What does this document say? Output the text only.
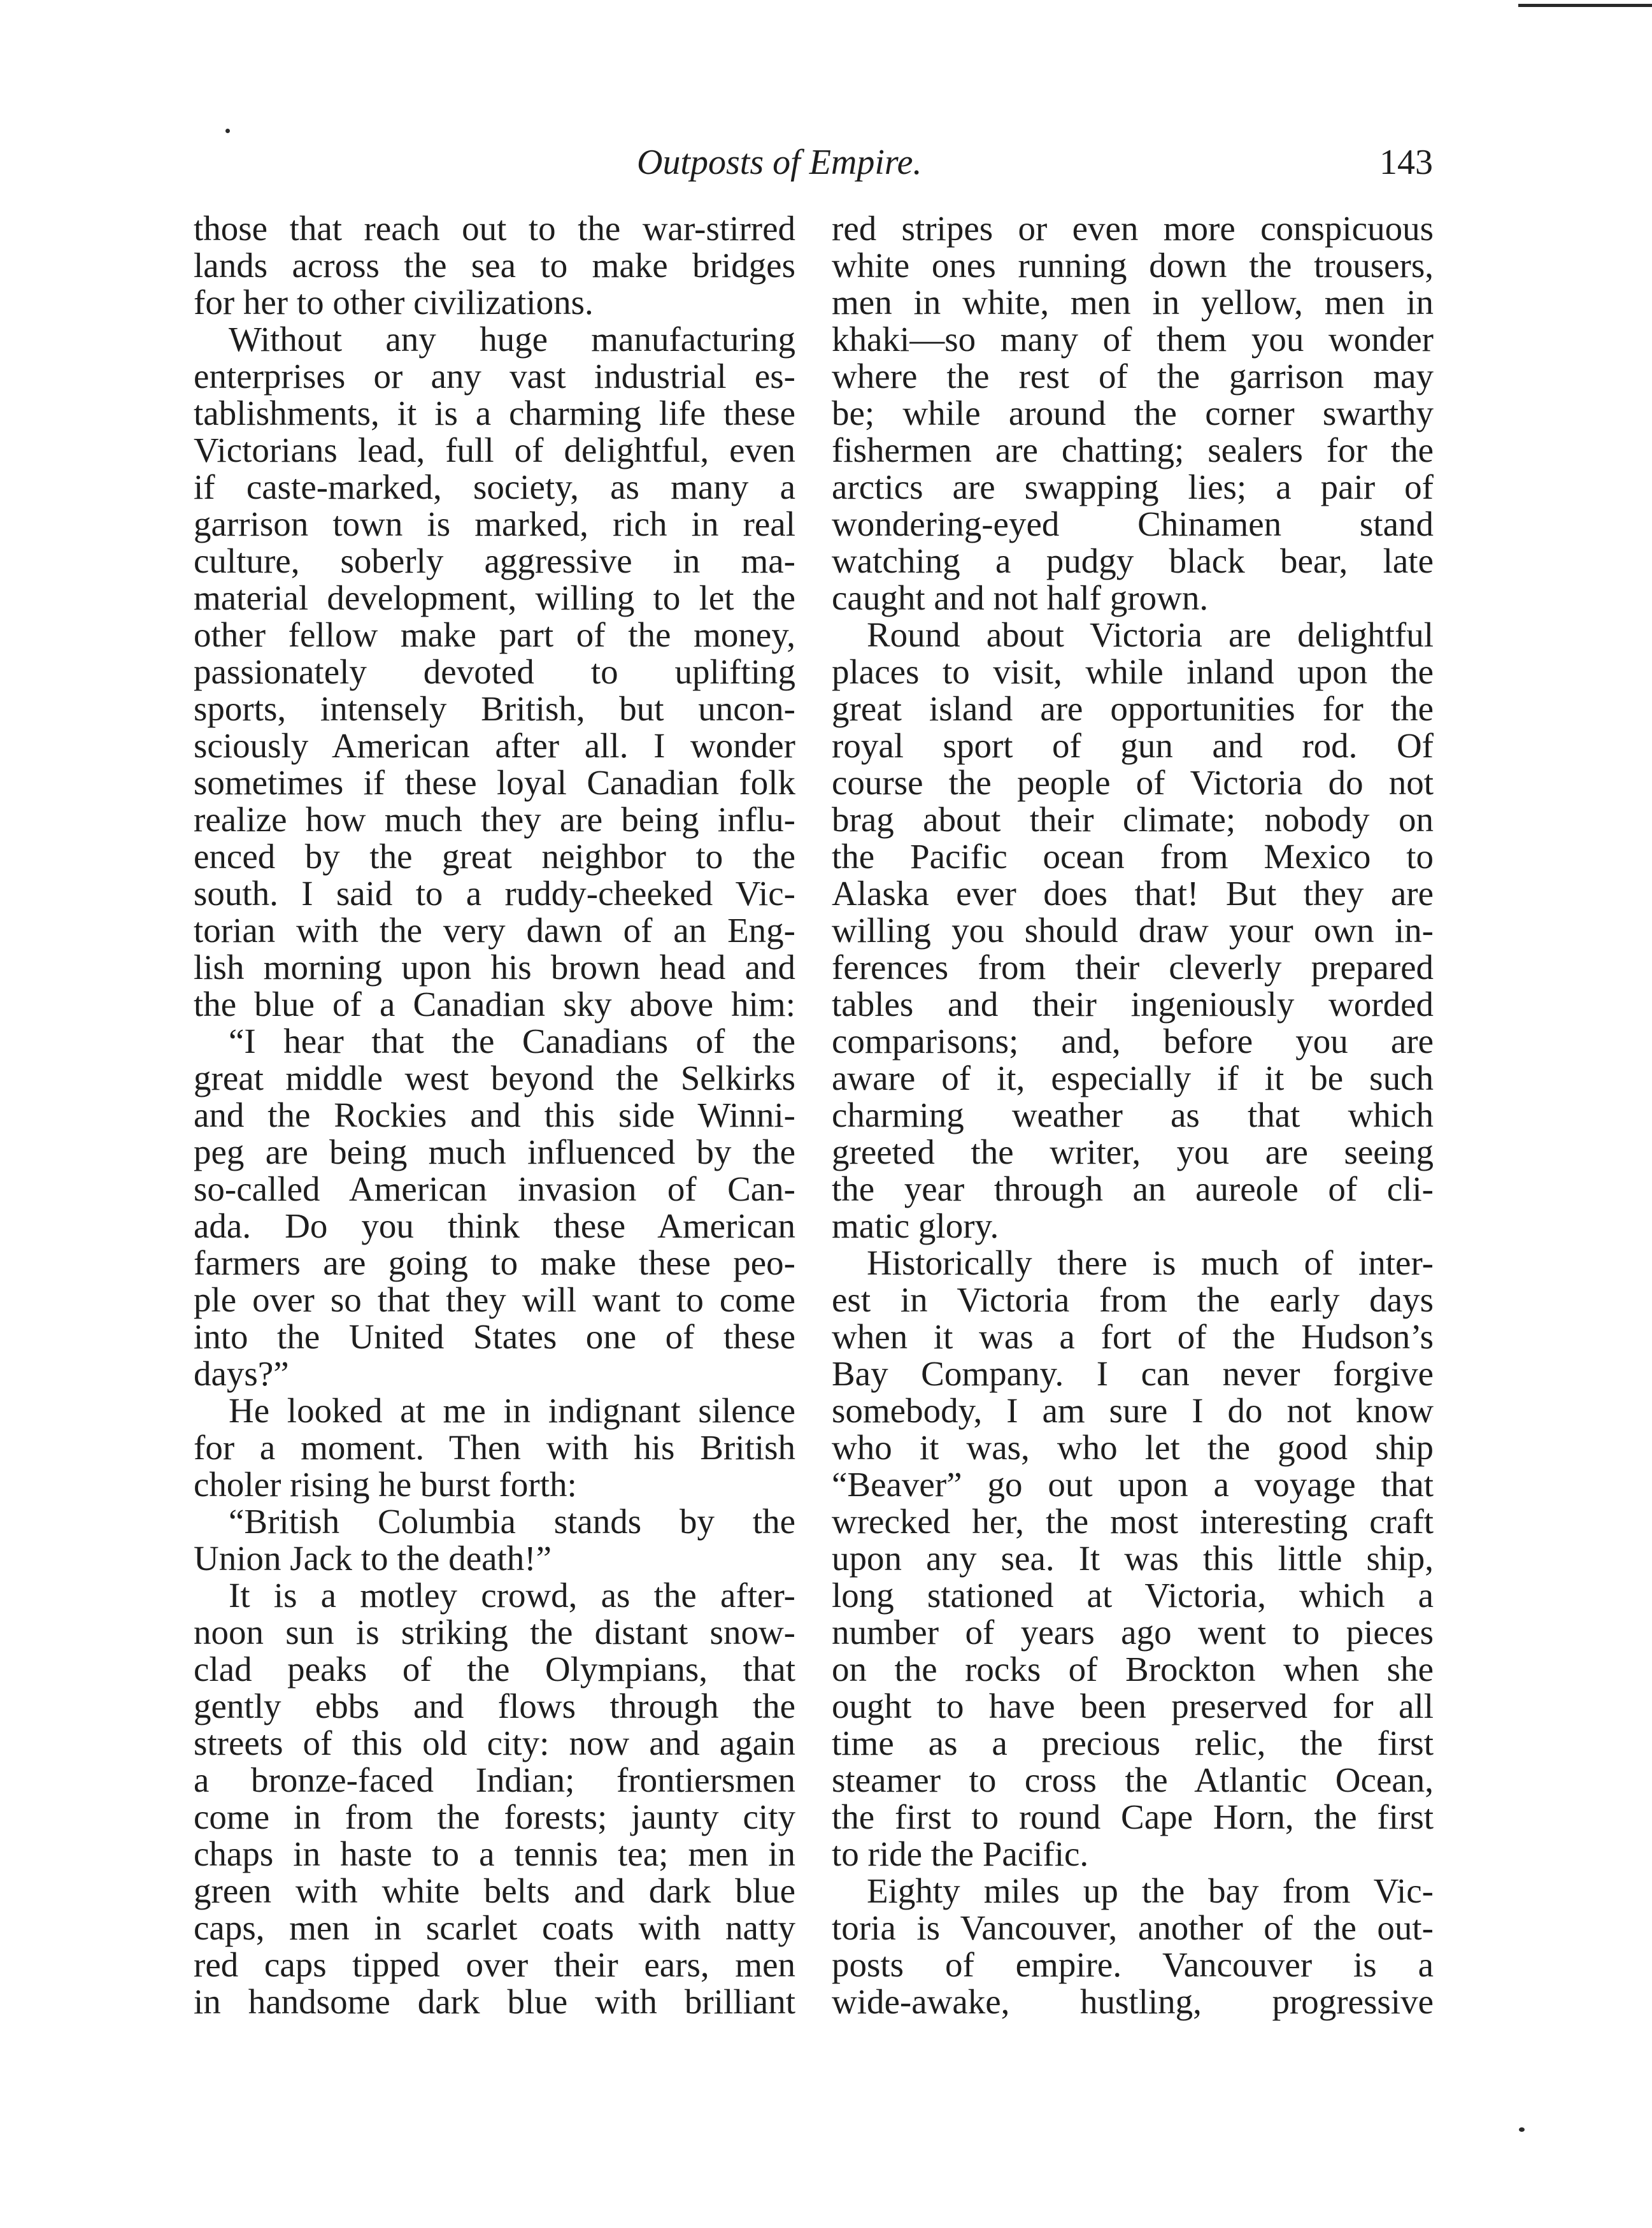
Outposts of Empire.	143
those that reach out to the war-stirred
lands across the sea to make bridges
for her to other civilizations.
Without any huge manufacturing
enterprises or any vast industrial es-
tablishments, it is a charming life these
Victorians lead, full of delightful, even
if caste-marked, society, as many a
garrison town is marked, rich in real
culture, soberly aggressive in ma-
material development, willing to let the
other fellow make part of the money,
passionately devoted to uplifting
sports, intensely British, but uncon-
sciously American after all. I wonder
sometimes if these loyal Canadian folk
realize how much they are being influ-
enced by the great neighbor to the
south. I said to a ruddy-cheeked Vic-
torian with the very dawn of an Eng-
lish morning upon his brown head and
the blue of a Canadian sky above him:
“I hear that the Canadians of the
great middle west beyond the Selkirks
and the Rockies and this side Winni-
peg are being much influenced by the
so-called American invasion of Can-
ada. Do you think these American
farmers are going to make these peo-
ple over so that they will want to come
into the United States one of these
days?”
He looked at me in indignant silence
for a moment. Then with his British
choler rising he burst forth:
“British Columbia stands by the
Union Jack to the death!”
It is a motley crowd, as the after-
noon sun is striking the distant snow-
clad peaks of the Olympians, that
gently ebbs and flows through the
streets of this old city: now and again
a bronze-faced Indian; frontiersmen
come in from the forests; jaunty city
chaps in haste to a tennis tea; men in
green with white belts and dark blue
caps, men in scarlet coats with natty
red caps tipped over their ears, men
in handsome dark blue with brilliant
red stripes or even more conspicuous
white ones running down the trousers,
men in white, men in yellow, men in
khaki—so many of them you wonder
where the rest of the garrison may
be; while around the corner swarthy
fishermen are chatting; sealers for the
arctics are swapping lies; a pair of
wondering-eyed Chinamen stand
watching a pudgy black bear, late
caught and not half grown.
Round about Victoria are delightful
places to visit, while inland upon the
great island are opportunities for the
royal sport of gun and rod. Of
course the people of Victoria do not
brag about their climate; nobody on
the Pacific ocean from Mexico to
Alaska ever does that! But they are
willing you should draw your own in-
ferences from their cleverly prepared
tables and their ingeniously worded
comparisons; and, before you are
aware of it, especially if it be such
charming weather as that which
greeted the writer, you are seeing
the year through an aureole of cli-
matic glory.
Historically there is much of inter-
est in Victoria from the early days
when it was a fort of the Hudson’s
Bay Company. I can never forgive
somebody, I am sure I do not know
who it was, who let the good ship
“Beaver” go out upon a voyage that
wrecked her, the most interesting craft
upon any sea. It was this little ship,
long stationed at Victoria, which a
number of years ago went to pieces
on the rocks of Brockton when she
ought to have been preserved for all
time as a precious relic, the first
steamer to cross the Atlantic Ocean,
the first to round Cape Horn, the first
to ride the Pacific.
Eighty miles up the bay from Vic-
toria is Vancouver, another of the out-
posts of empire. Vancouver is a
wide-awake, hustling, progressive
